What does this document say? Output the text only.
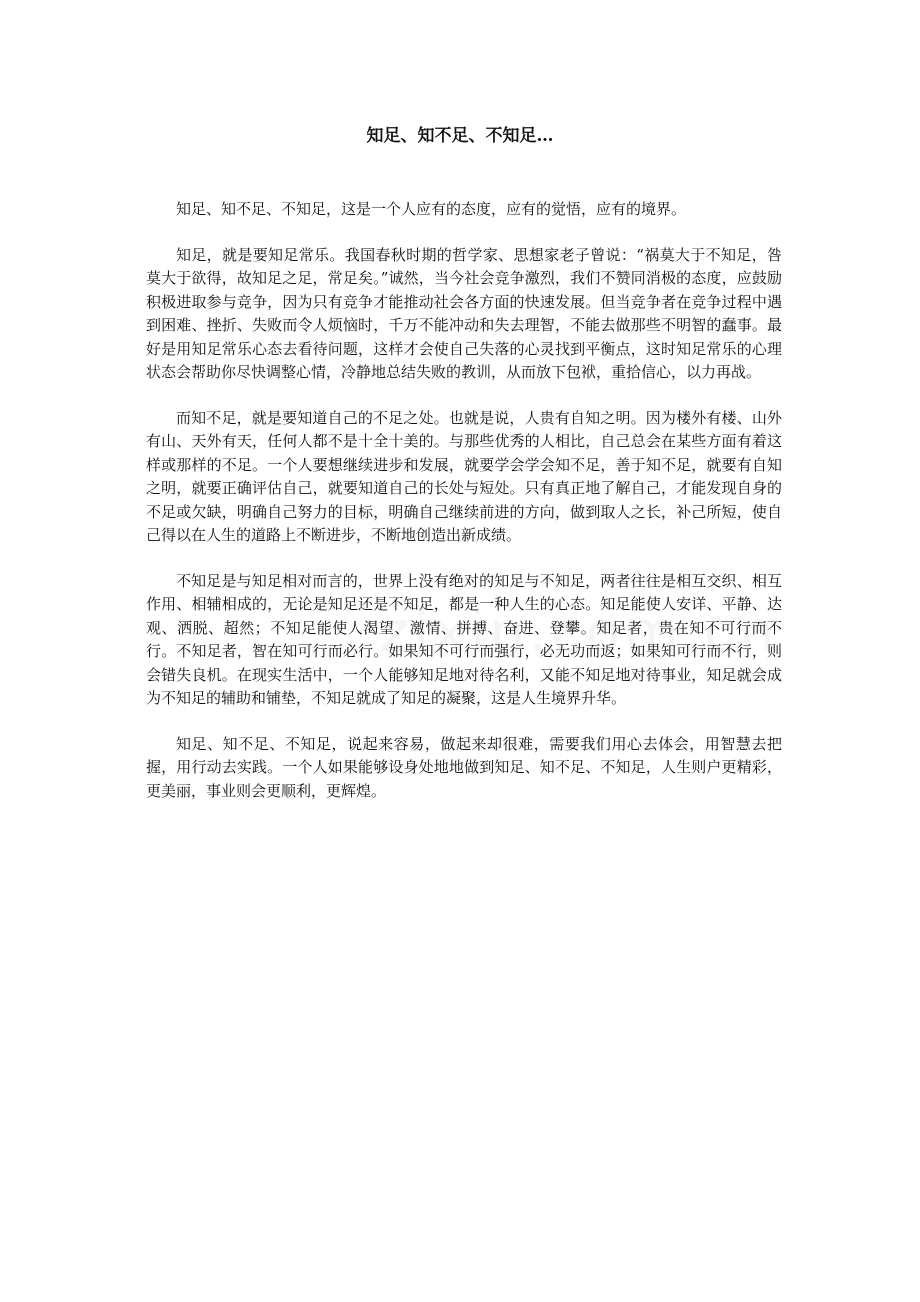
知足、知不足、不知足…

知足、知不足、不知足，这是一个人应有的态度，应有的觉悟，应有的境界。

知足，就是要知足常乐。我国春秋时期的哲学家、思想家老子曾说：“祸莫大于不知足，咎莫大于欲得，故知足之足，常足矣。”诚然，当今社会竞争激烈，我们不赞同消极的态度，应鼓励积极进取参与竞争，因为只有竞争才能推动社会各方面的快速发展。但当竞争者在竞争过程中遇到困难、挫折、失败而令人烦恼时，千万不能冲动和失去理智，不能去做那些不明智的蠢事。最好是用知足常乐心态去看待问题，这样才会使自己失落的心灵找到平衡点，这时知足常乐的心理状态会帮助你尽快调整心情，冷静地总结失败的教训，从而放下包袱，重拾信心，以力再战。

而知不足，就是要知道自己的不足之处。也就是说，人贵有自知之明。因为楼外有楼、山外有山、天外有天，任何人都不是十全十美的。与那些优秀的人相比，自己总会在某些方面有着这样或那样的不足。一个人要想继续进步和发展，就要学会学会知不足，善于知不足，就要有自知之明，就要正确评估自己，就要知道自己的长处与短处。只有真正地了解自己，才能发现自身的不足或欠缺，明确自己努力的目标，明确自己继续前进的方向，做到取人之长，补己所短，使自己得以在人生的道路上不断进步，不断地创造出新成绩。

不知足是与知足相对而言的，世界上没有绝对的知足与不知足，两者往往是相互交织、相互作用、相辅相成的，无论是知足还是不知足，都是一种人生的心态。知足能使人安详、平静、达观、洒脱、超然；不知足能使人渴望、激情、拼搏、奋进、登攀。知足者，贵在知不可行而不行。不知足者，智在知可行而必行。如果知不可行而强行，必无功而返；如果知可行而不行，则会错失良机。在现实生活中，一个人能够知足地对待名利，又能不知足地对待事业，知足就会成为不知足的辅助和铺垫，不知足就成了知足的凝聚，这是人生境界升华。

知足、知不足、不知足，说起来容易，做起来却很难，需要我们用心去体会，用智慧去把握，用行动去实践。一个人如果能够设身处地地做到知足、知不足、不知足，人生则户更精彩，更美丽，事业则会更顺利，更辉煌。
